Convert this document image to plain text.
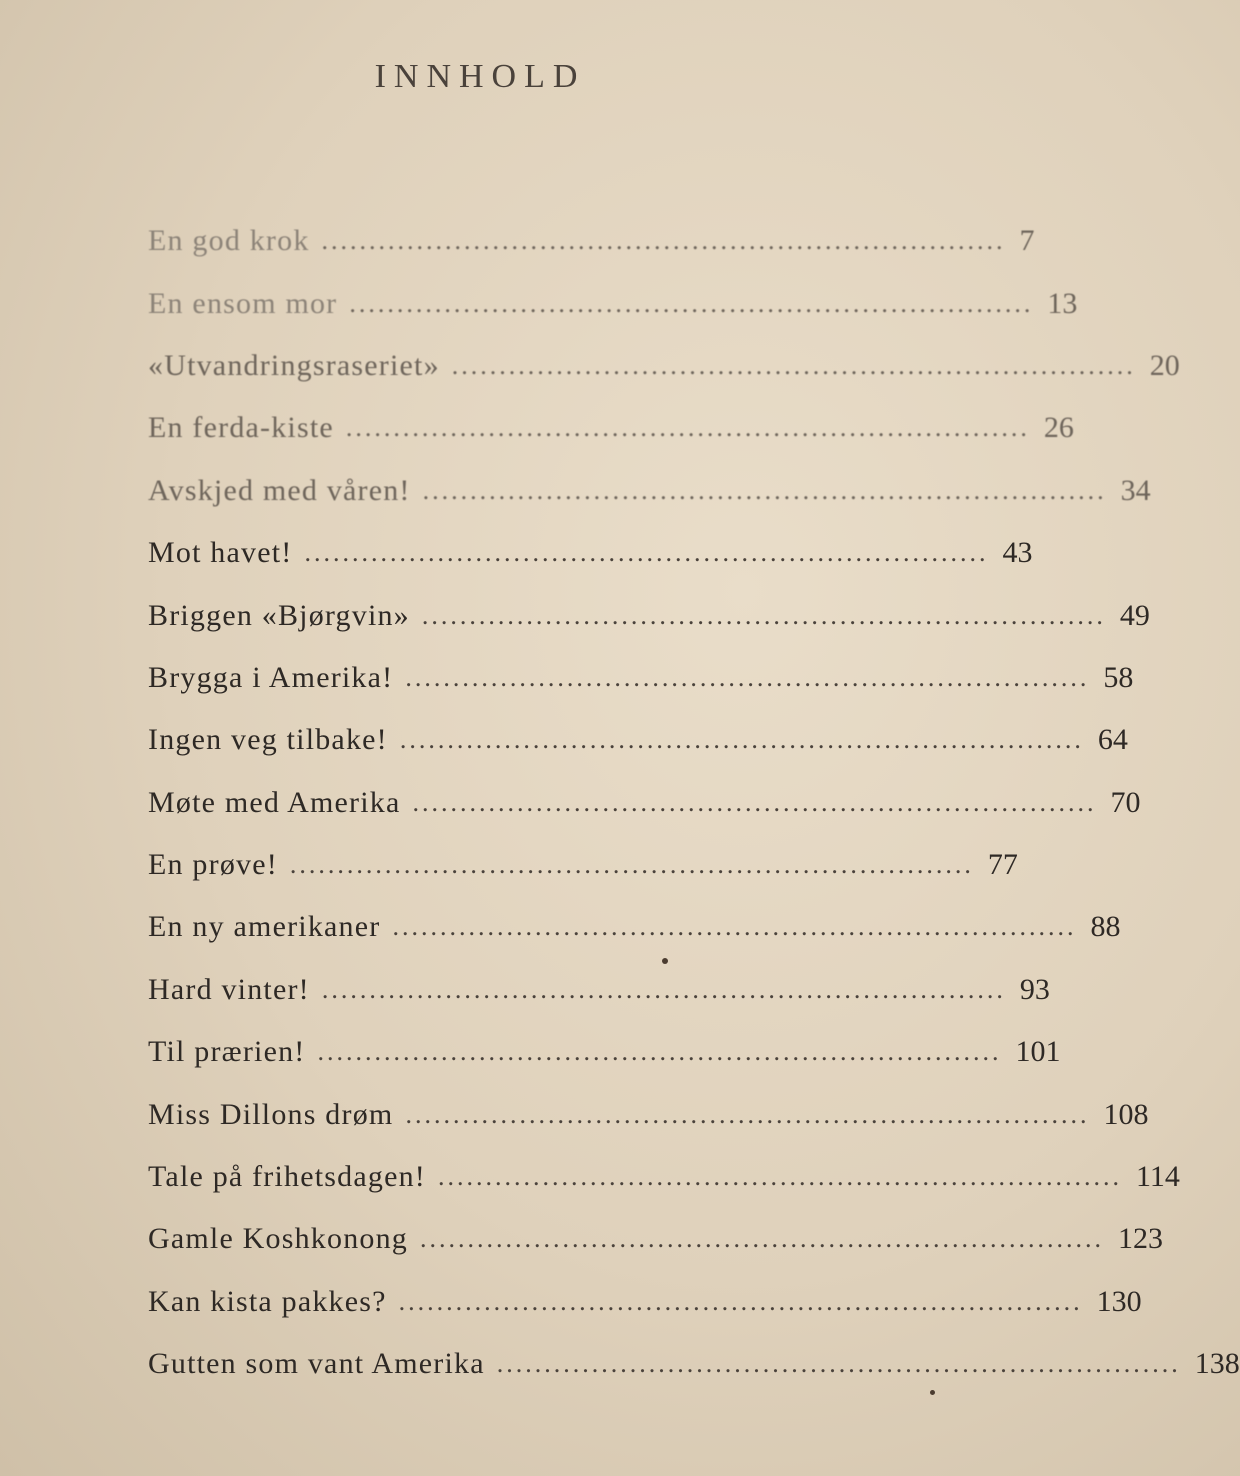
INNHOLD
En god krok ........................................................................ 7
En ensom mor ........................................................................ 13
«Utvandringsraseriet» ........................................................................ 20
En ferda-kiste ........................................................................ 26
Avskjed med våren! ........................................................................ 34
Mot havet! ........................................................................ 43
Briggen «Bjørgvin» ........................................................................ 49
Brygga i Amerika! ........................................................................ 58
Ingen veg tilbake! ........................................................................ 64
Møte med Amerika ........................................................................ 70
En prøve! ........................................................................ 77
En ny amerikaner ........................................................................ 88
Hard vinter! ........................................................................ 93
Til prærien! ........................................................................ 101
Miss Dillons drøm ........................................................................ 108
Tale på frihetsdagen! ........................................................................ 114
Gamle Koshkonong ........................................................................ 123
Kan kista pakkes? ........................................................................ 130
Gutten som vant Amerika ........................................................................ 138
